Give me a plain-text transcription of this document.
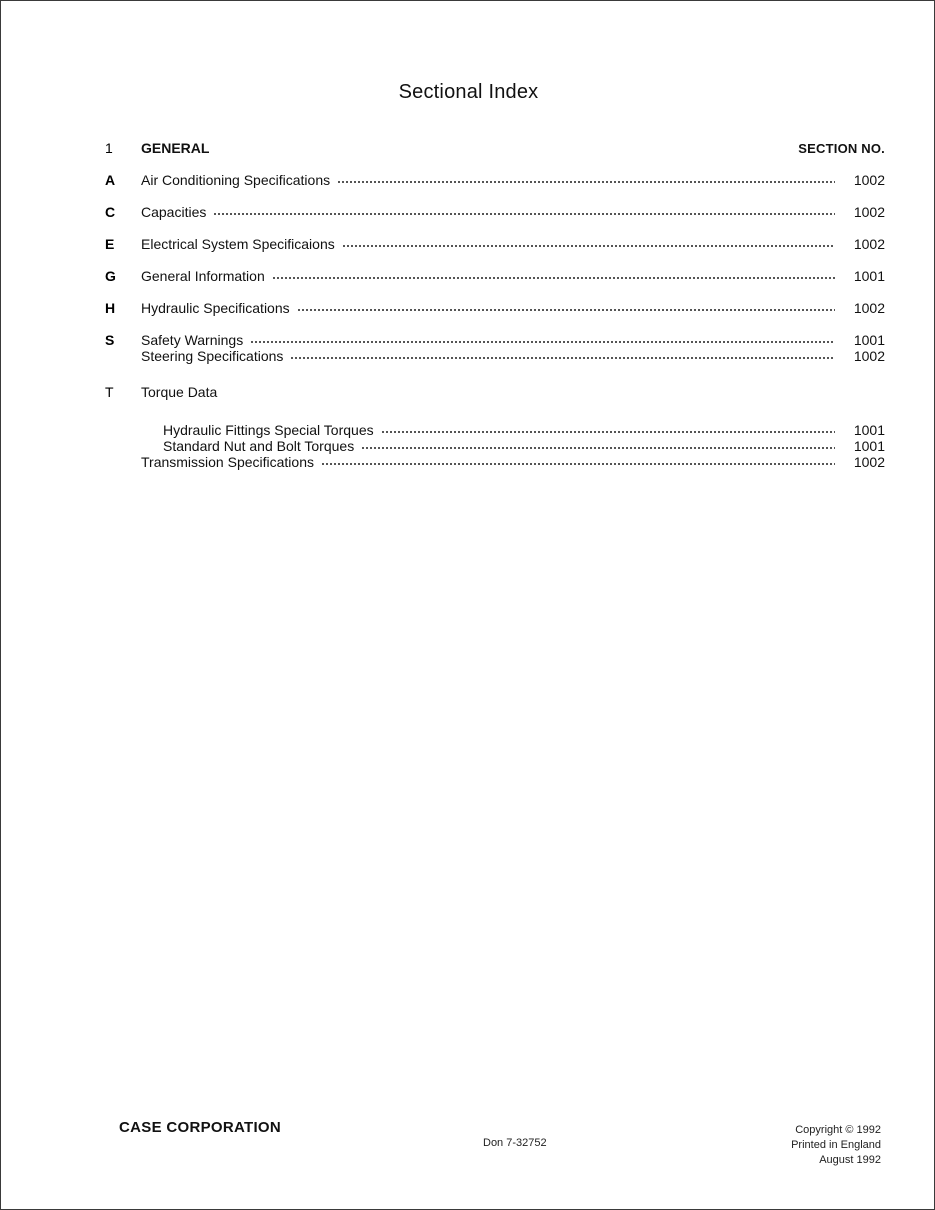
Sectional Index
1	GENERAL	SECTION NO.
A	Air Conditioning Specifications	1002
C	Capacities	1002
E	Electrical System Specificaions	1002
G	General Information	1001
H	Hydraulic Specifications	1002
S	Safety Warnings	1001
Steering Specifications	1002
T	Torque Data
Hydraulic Fittings Special Torques	1001
Standard Nut and Bolt Torques	1001
Transmission Specifications	1002
CASE CORPORATION
Don 7-32752
Copyright © 1992
Printed in England
August 1992
